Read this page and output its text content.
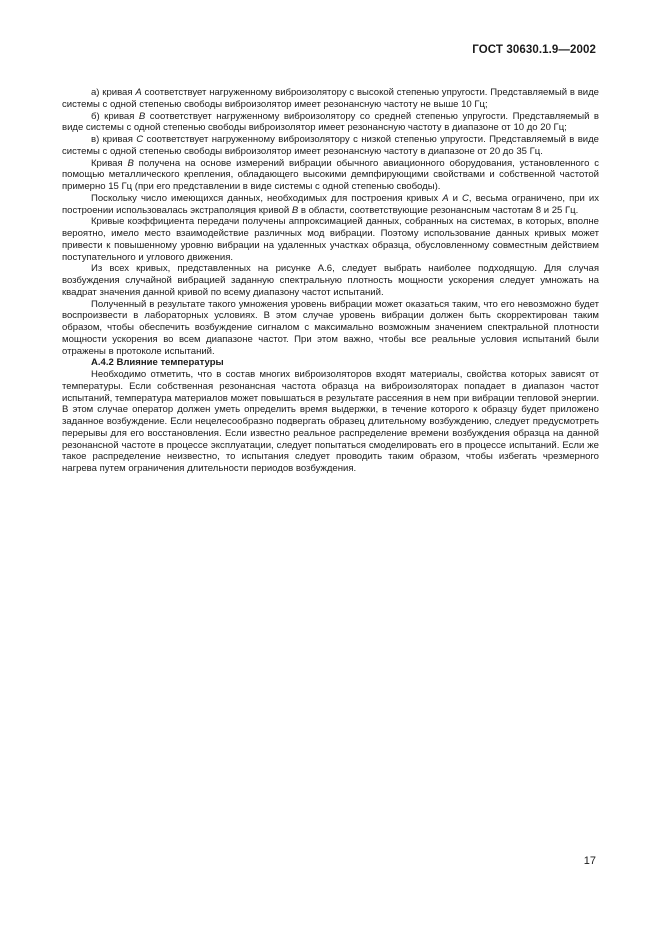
ГОСТ 30630.1.9—2002

а) кривая A соответствует нагруженному виброизолятору с высокой степенью упругости. Представляемый в виде системы с одной степенью свободы виброизолятор имеет резонансную частоту не выше 10 Гц;

б) кривая B соответствует нагруженному виброизолятору со средней степенью упругости. Представляемый в виде системы с одной степенью свободы виброизолятор имеет резонансную частоту в диапазоне от 10 до 20 Гц;

в) кривая C соответствует нагруженному виброизолятору с низкой степенью упругости. Представляемый в виде системы с одной степенью свободы виброизолятор имеет резонансную частоту в диапазоне от 20 до 35 Гц.

Кривая B получена на основе измерений вибрации обычного авиационного оборудования, установленного с помощью металлического крепления, обладающего высокими демпфирующими свойствами и собственной частотой примерно 15 Гц (при его представлении в виде системы с одной степенью свободы).

Поскольку число имеющихся данных, необходимых для построения кривых A и C, весьма ограничено, при их построении использовалась экстраполяция кривой B в области, соответствующие резонансным частотам 8 и 25 Гц.

Кривые коэффициента передачи получены аппроксимацией данных, собранных на системах, в которых, вполне вероятно, имело место взаимодействие различных мод вибрации. Поэтому использование данных кривых может привести к повышенному уровню вибрации на удаленных участках образца, обусловленному совместным действием поступательного и углового движения.

Из всех кривых, представленных на рисунке А.6, следует выбрать наиболее подходящую. Для случая возбуждения случайной вибрацией заданную спектральную плотность мощности ускорения следует умножать на квадрат значения данной кривой по всему диапазону частот испытаний.

Полученный в результате такого умножения уровень вибрации может оказаться таким, что его невозможно будет воспроизвести в лабораторных условиях. В этом случае уровень вибрации должен быть скорректирован таким образом, чтобы обеспечить возбуждение сигналом с максимально возможным значением спектральной плотности мощности ускорения во всем диапазоне частот. При этом важно, чтобы все реальные условия испытаний были отражены в протоколе испытаний.

А.4.2 Влияние температуры

Необходимо отметить, что в состав многих виброизоляторов входят материалы, свойства которых зависят от температуры. Если собственная резонансная частота образца на виброизоляторах попадает в диапазон частот испытаний, температура материалов может повышаться в результате рассеяния в нем при вибрации тепловой энергии. В этом случае оператор должен уметь определить время выдержки, в течение которого к образцу будет приложено заданное возбуждение. Если нецелесообразно подвергать образец длительному возбуждению, следует предусмотреть перерывы для его восстановления. Если известно реальное распределение времени возбуждения образца на данной резонансной частоте в процессе эксплуатации, следует попытаться смоделировать его в процессе испытаний. Если же такое распределение неизвестно, то испытания следует проводить таким образом, чтобы избегать чрезмерного нагрева путем ограничения длительности периодов возбуждения.

17
